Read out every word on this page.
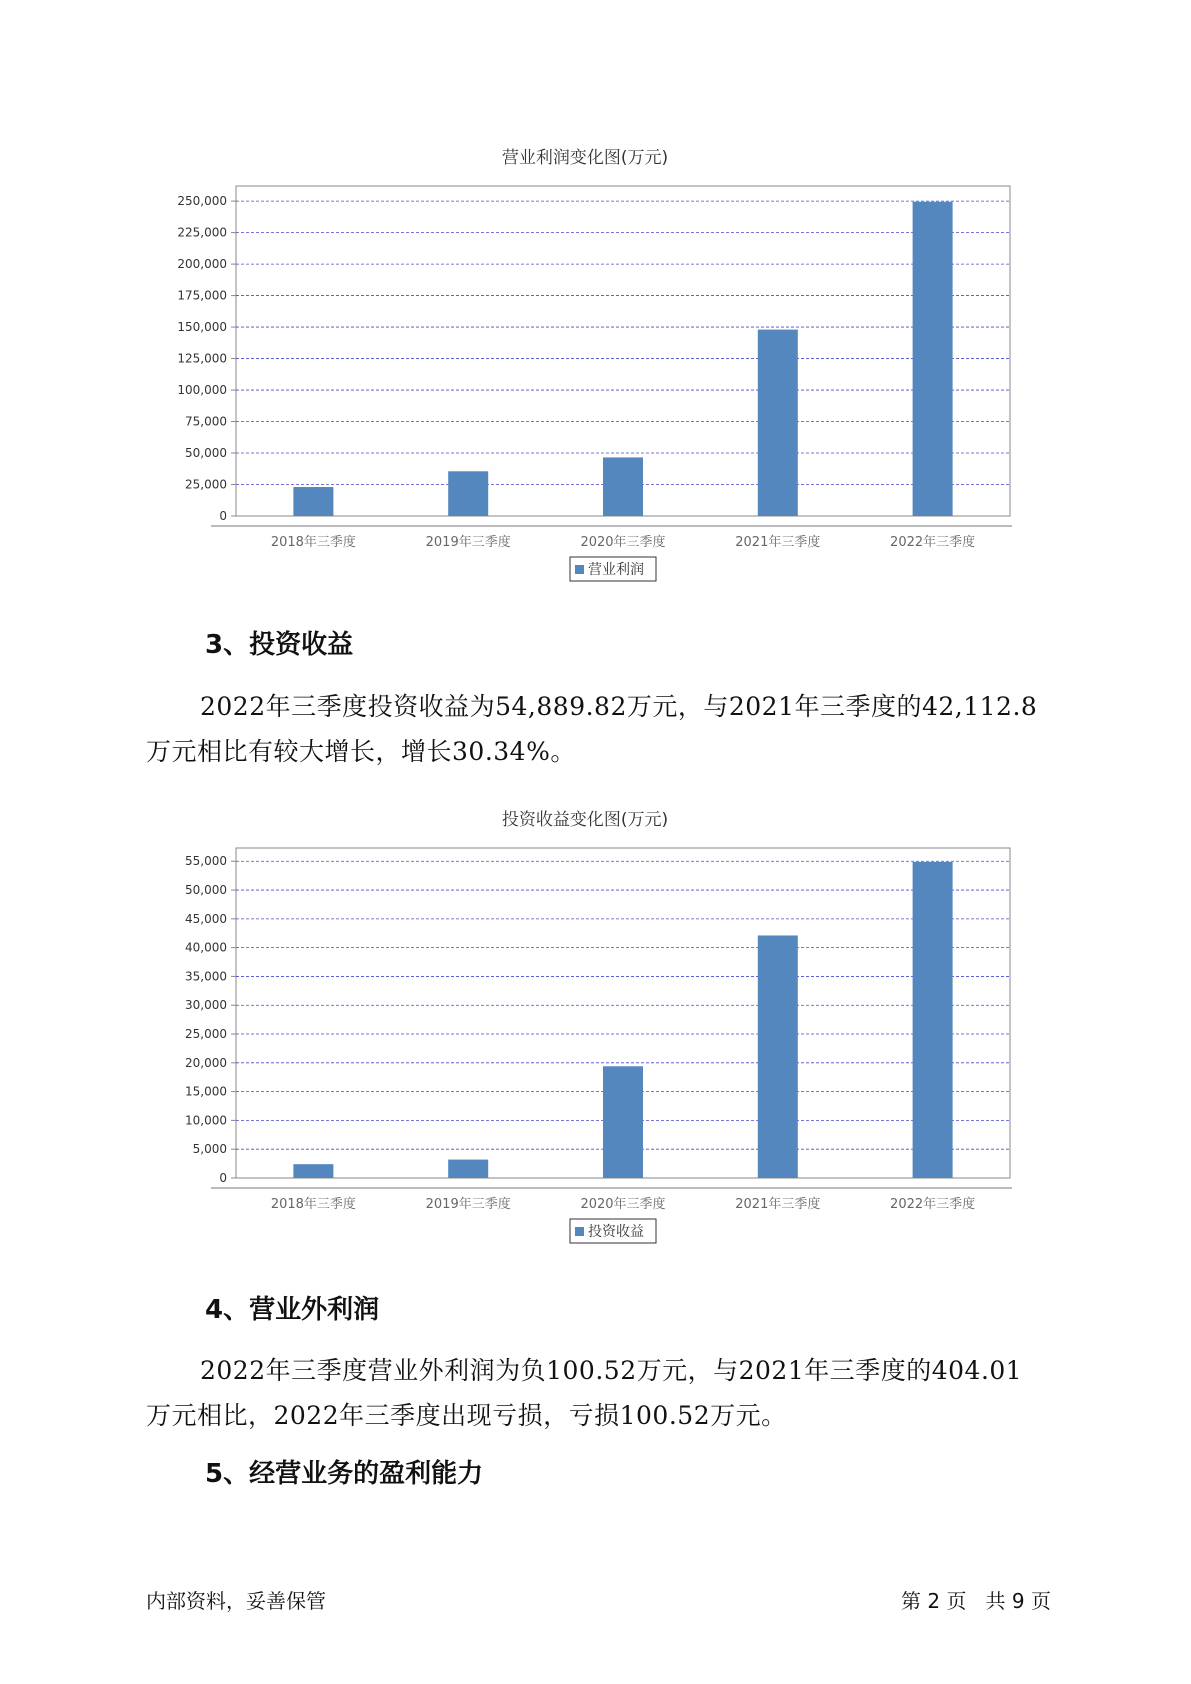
营业利润变化图(万元)
0
25,000
50,000
75,000
100,000
125,000
150,000
175,000
200,000
225,000
250,000
2018年三季度	2019年三季度	2020年三季度	2021年三季度	2022年三季度
营业利润
3、投资收益

2022年三季度投资收益为54,889.82万元，与2021年三季度的42,112.8
万元相比有较大增长，增长30.34%。

投资收益变化图(万元)
0
5,000
10,000
15,000
20,000
25,000
30,000
35,000
40,000
45,000
50,000
55,000
2018年三季度	2019年三季度	2020年三季度	2021年三季度	2022年三季度
投资收益
4、营业外利润

2022年三季度营业外利润为负100.52万元，与2021年三季度的404.01
万元相比，2022年三季度出现亏损，亏损100.52万元。

5、经营业务的盈利能力
内部资料，妥善保管	第 2 页   共 9 页
